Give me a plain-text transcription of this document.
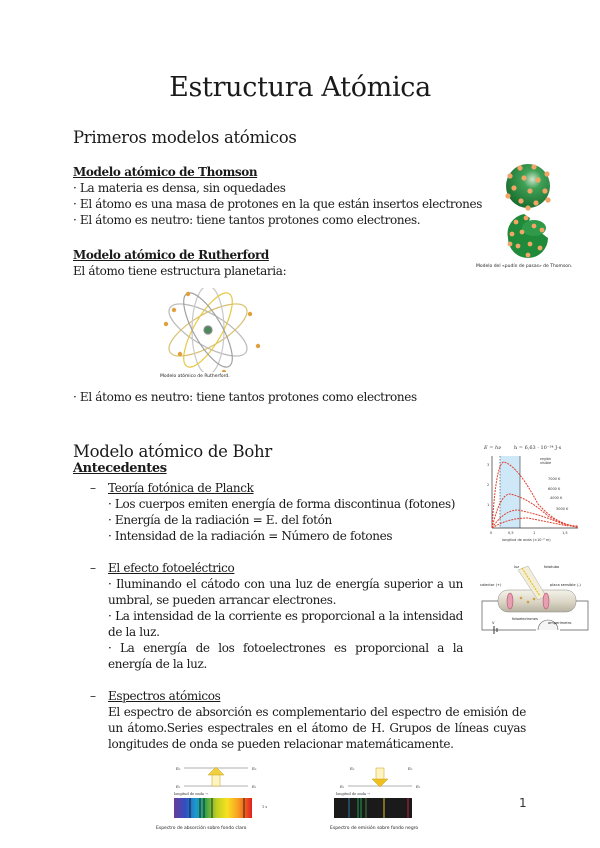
Estructura Atómica
Primeros modelos atómicos
Modelo atómico de Thomson
· La materia es densa, sin oquedades
· El átomo es una masa de protones en la que están insertos electrones
· El átomo es neutro: tiene tantos protones como electrones.
Modelo del «pudín de pasas» de Thomson.
Modelo atómico de Rutherford
El átomo tiene estructura planetaria:
Modelo atómico de Rutherford.
· El átomo es neutro: tiene tantos protones como electrones
Modelo atómico de Bohr
Antecedentes
– Teoría fotónica de Planck
· Los cuerpos emiten energía de forma discontinua (fotones)
· Energía de la radiación = E. del fotón
· Intensidad de la radiación = Número de fotones
E = hν	h = 6,63 · 10⁻³⁴ J·s
región
visible
7000 K
6000 K
4000 K
3000 K
0	0,5	1	1,5
longitud de onda (×10⁻⁶ m)
3
2
1
– El efecto fotoeléctrico
· Iluminando el cátodo con una luz de energía superior a un umbral, se pueden arrancar electrones.
· La intensidad de la corriente es proporcional a la intensidad de la luz.
· La energía de los fotoelectrones es proporcional a la energía de la luz.
luz	fototubo
colector (+)	placa sensible (-)
fotoelectrones
amperímetro
V
– Espectros atómicos
El espectro de absorción es complementario del espectro de emisión de un átomo.Series espectrales en el átomo de H. Grupos de líneas cuyas longitudes de onda se pueden relacionar matemáticamente.
E₂	E₂
E₁	E₁
longitud de onda →
1 s
Espectro de absorción sobre fondo claro
E₂	E₂
E₁	E₁
longitud de onda →
Espectro de emisión sobre fondo negro
1
